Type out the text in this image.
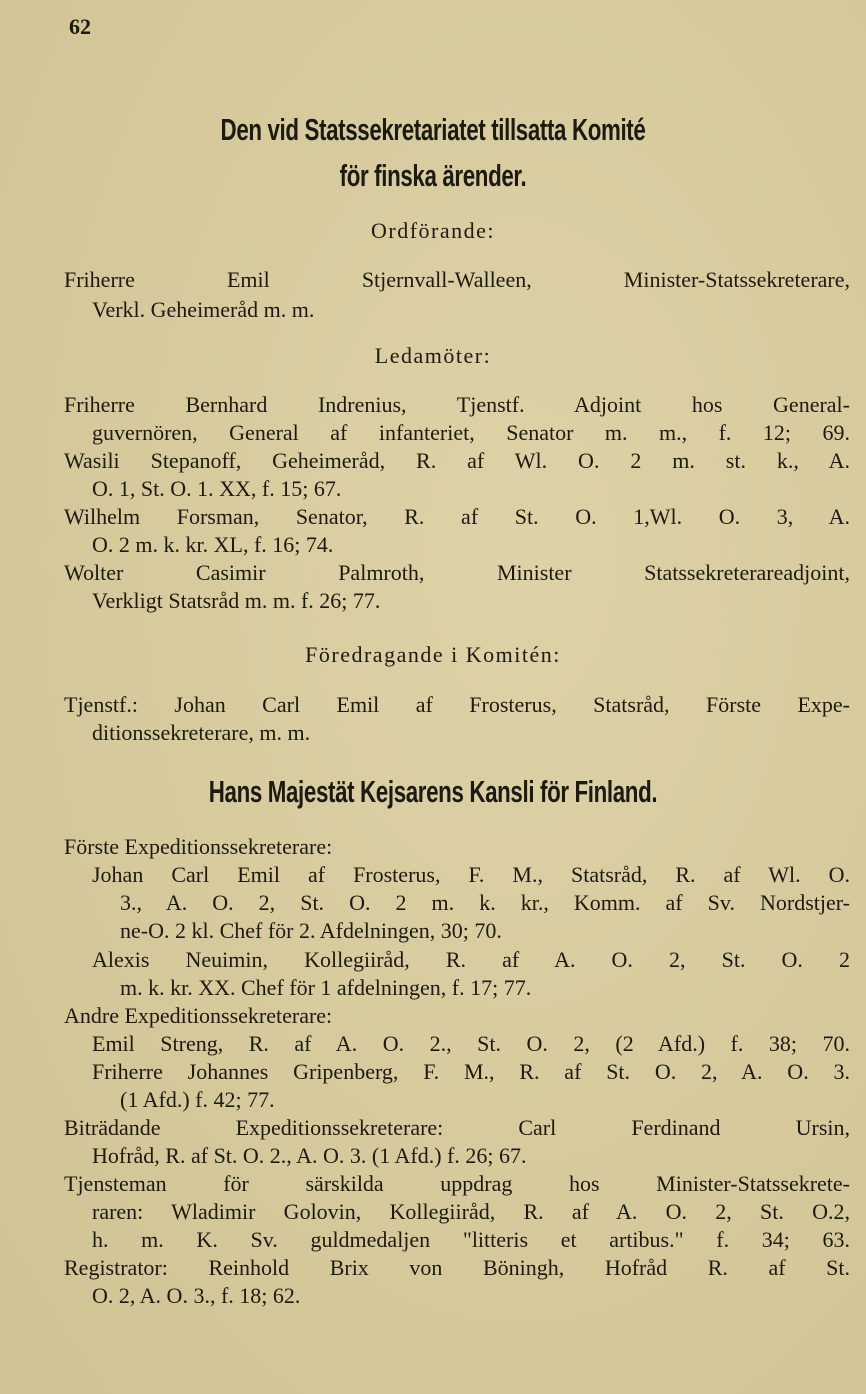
62
Den vid Statssekretariatet tillsatta Komité
för finska ärender.
Ordförande:
Friherre Emil Stjernvall-Walleen, Minister-Statssekreterare,
Verkl. Geheimeråd m. m.
Ledamöter:
Friherre Bernhard Indrenius, Tjenstf. Adjoint hos General-
guvernören, General af infanteriet, Senator m. m., f. 12; 69.
Wasili Stepanoff, Geheimeråd, R. af Wl. O. 2 m. st. k., A.
O. 1, St. O. 1. XX, f. 15; 67.
Wilhelm Forsman, Senator, R. af St. O. 1,Wl. O. 3, A.
O. 2 m. k. kr. XL, f. 16; 74.
Wolter Casimir Palmroth, Minister Statssekreterareadjoint,
Verkligt Statsråd m. m. f. 26; 77.
Föredragande i Komitén:
Tjenstf.: Johan Carl Emil af Frosterus, Statsråd, Förste Expe-
ditionssekreterare, m. m.
Hans Majestät Kejsarens Kansli för Finland.
Förste Expeditionssekreterare:
Johan Carl Emil af Frosterus, F. M., Statsråd, R. af Wl. O.
3., A. O. 2, St. O. 2 m. k. kr., Komm. af Sv. Nordstjer-
ne-O. 2 kl. Chef för 2. Afdelningen, 30; 70.
Alexis Neuimin, Kollegiiråd, R. af A. O. 2, St. O. 2
m. k. kr. XX. Chef för 1 afdelningen, f. 17; 77.
Andre Expeditionssekreterare:
Emil Streng, R. af A. O. 2., St. O. 2, (2 Afd.) f. 38; 70.
Friherre Johannes Gripenberg, F. M., R. af St. O. 2, A. O. 3.
(1 Afd.) f. 42; 77.
Biträdande Expeditionssekreterare: Carl Ferdinand Ursin,
Hofråd, R. af St. O. 2., A. O. 3. (1 Afd.) f. 26; 67.
Tjensteman för särskilda uppdrag hos Minister-Statssekrete-
raren: Wladimir Golovin, Kollegiiråd, R. af A. O. 2, St. O.2,
h. m. K. Sv. guldmedaljen "litteris et artibus." f. 34; 63.
Registrator: Reinhold Brix von Böningh, Hofråd R. af St.
O. 2, A. O. 3., f. 18; 62.
